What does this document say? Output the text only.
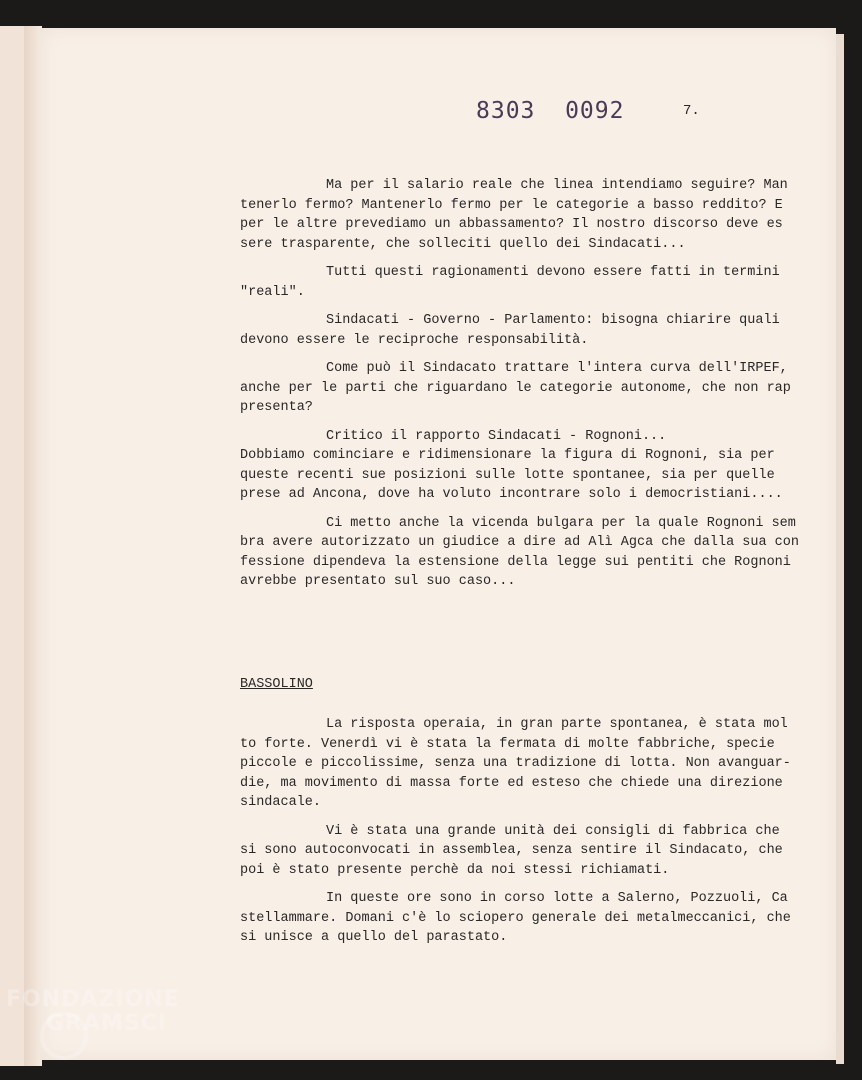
8303  0092	7.
Ma per il salario reale che linea intendiamo seguire? Man
tenerlo fermo? Mantenerlo fermo per le categorie a basso reddito? E
per le altre prevediamo un abbassamento? Il nostro discorso deve es
sere trasparente, che solleciti quello dei Sindacati...
Tutti questi ragionamenti devono essere fatti in termini
"reali".
Sindacati - Governo - Parlamento: bisogna chiarire quali
devono essere le reciproche responsabilità.
Come può il Sindacato trattare l'intera curva dell'IRPEF,
anche per le parti che riguardano le categorie autonome, che non rap
presenta?
Critico il rapporto Sindacati - Rognoni...
Dobbiamo cominciare e ridimensionare la figura di Rognoni, sia per
queste recenti sue posizioni sulle lotte spontanee, sia per quelle
prese ad Ancona, dove ha voluto incontrare solo i democristiani....
Ci metto anche la vicenda bulgara per la quale Rognoni sem
bra avere autorizzato un giudice a dire ad Alì Agca che dalla sua con
fessione dipendeva la estensione della legge sui pentiti che Rognoni
avrebbe presentato sul suo caso...
BASSOLINO
La risposta operaia, in gran parte spontanea, è stata mol
to forte. Venerdì vi è stata la fermata di molte fabbriche, specie
piccole e piccolissime, senza una tradizione di lotta. Non avanguar-
die, ma movimento di massa forte ed esteso che chiede una direzione
sindacale.
Vi è stata una grande unità dei consigli di fabbrica che
si sono autoconvocati in assemblea, senza sentire il Sindacato, che
poi è stato presente perchè da noi stessi richiamati.
In queste ore sono in corso lotte a Salerno, Pozzuoli, Ca
stellammare. Domani c'è lo sciopero generale dei metalmeccanici, che
si unisce a quello del parastato.
FONDAZIONE
GRAMSCI
